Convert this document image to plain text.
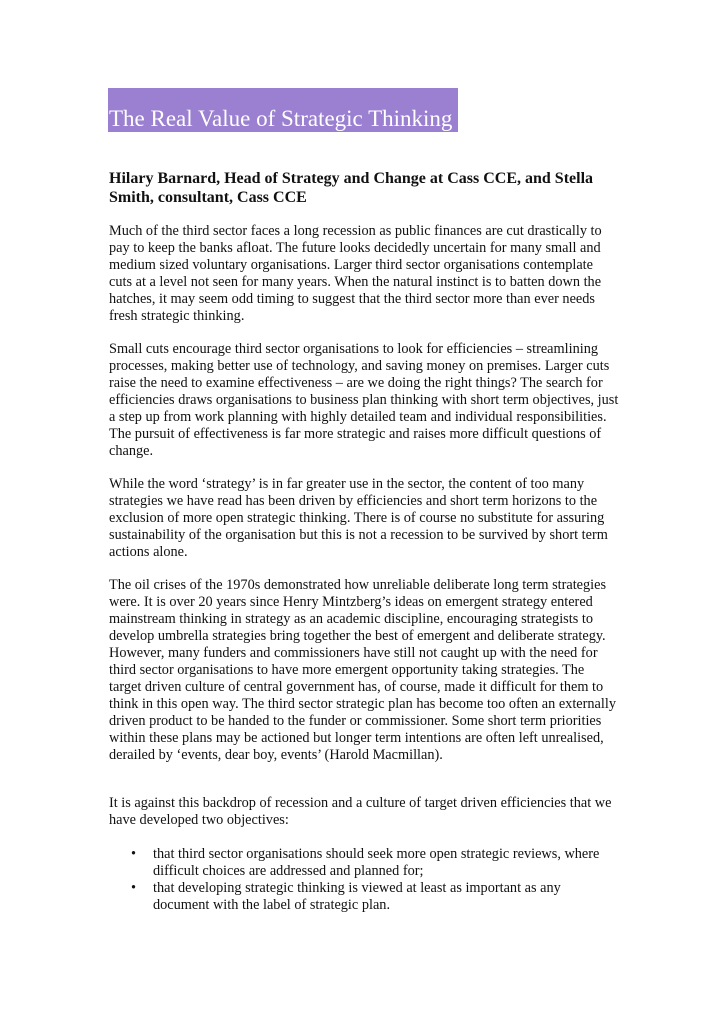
The Real Value of Strategic Thinking
Hilary Barnard, Head of Strategy and Change at Cass CCE, and Stella Smith, consultant, Cass CCE

Much of the third sector faces a long recession as public finances are cut drastically to pay to keep the banks afloat. The future looks decidedly uncertain for many small and medium sized voluntary organisations. Larger third sector organisations contemplate cuts at a level not seen for many years. When the natural instinct is to batten down the hatches, it may seem odd timing to suggest that the third sector more than ever needs fresh strategic thinking.

Small cuts encourage third sector organisations to look for efficiencies – streamlining processes, making better use of technology, and saving money on premises. Larger cuts raise the need to examine effectiveness – are we doing the right things? The search for efficiencies draws organisations to business plan thinking with short term objectives, just a step up from work planning with highly detailed team and individual responsibilities. The pursuit of effectiveness is far more strategic and raises more difficult questions of change.

While the word ‘strategy’ is in far greater use in the sector, the content of too many strategies we have read has been driven by efficiencies and short term horizons to the exclusion of more open strategic thinking. There is of course no substitute for assuring sustainability of the organisation but this is not a recession to be survived by short term actions alone.

The oil crises of the 1970s demonstrated how unreliable deliberate long term strategies were. It is over 20 years since Henry Mintzberg’s ideas on emergent strategy entered mainstream thinking in strategy as an academic discipline, encouraging strategists to develop umbrella strategies bring together the best of emergent and deliberate strategy. However, many funders and commissioners have still not caught up with the need for third sector organisations to have more emergent opportunity taking strategies. The target driven culture of central government has, of course, made it difficult for them to think in this open way. The third sector strategic plan has become too often an externally driven product to be handed to the funder or commissioner. Some short term priorities within these plans may be actioned but longer term intentions are often left unrealised, derailed by ‘events, dear boy, events’ (Harold Macmillan).

It is against this backdrop of recession and a culture of target driven efficiencies that we have developed two objectives:

• that third sector organisations should seek more open strategic reviews, where difficult choices are addressed and planned for;
• that developing strategic thinking is viewed at least as important as any document with the label of strategic plan.
